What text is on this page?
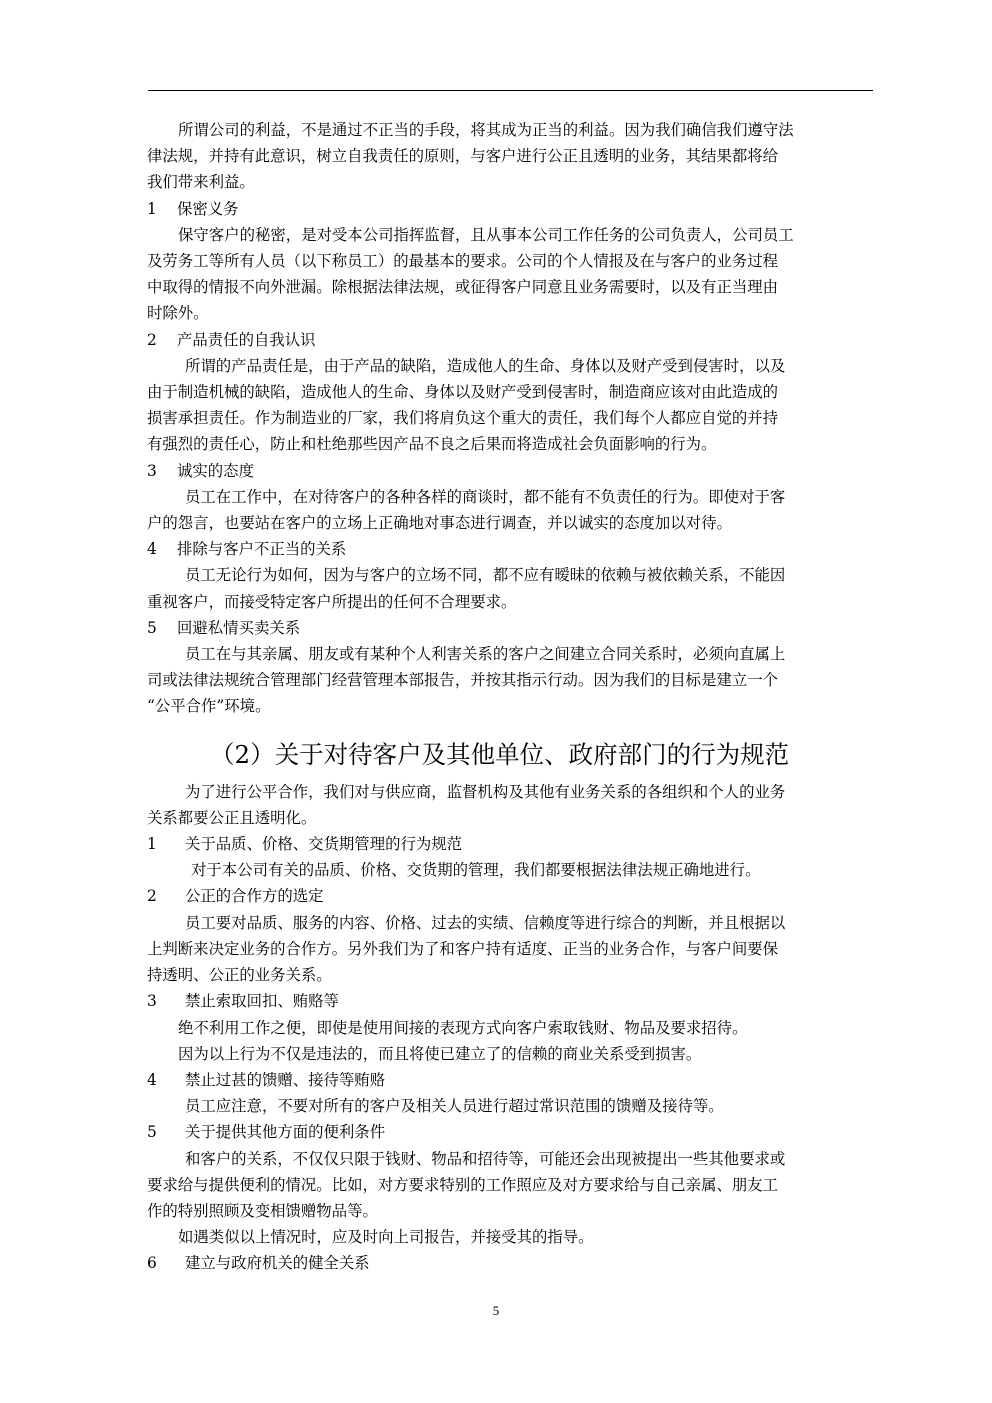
所谓公司的利益，不是通过不正当的手段，将其成为正当的利益。因为我们确信我们遵守法

律法规，并持有此意识，树立自我责任的原则，与客户进行公正且透明的业务，其结果都将给

我们带来利益。

1 保密义务

保守客户的秘密，是对受本公司指挥监督，且从事本公司工作任务的公司负责人，公司员工

及劳务工等所有人员（以下称员工）的最基本的要求。公司的个人情报及在与客户的业务过程

中取得的情报不向外泄漏。除根据法律法规，或征得客户同意且业务需要时，以及有正当理由

时除外。

2 产品责任的自我认识

所谓的产品责任是，由于产品的缺陷，造成他人的生命、身体以及财产受到侵害时，以及

由于制造机械的缺陷，造成他人的生命、身体以及财产受到侵害时，制造商应该对由此造成的

损害承担责任。作为制造业的厂家，我们将肩负这个重大的责任，我们每个人都应自觉的并持

有强烈的责任心，防止和杜绝那些因产品不良之后果而将造成社会负面影响的行为。

3 诚实的态度

员工在工作中，在对待客户的各种各样的商谈时，都不能有不负责任的行为。即使对于客

户的怨言，也要站在客户的立场上正确地对事态进行调查，并以诚实的态度加以对待。

4 排除与客户不正当的关系

员工无论行为如何，因为与客户的立场不同，都不应有暧昧的依赖与被依赖关系，不能因

重视客户，而接受特定客户所提出的任何不合理要求。

5 回避私情买卖关系

员工在与其亲属、朋友或有某种个人利害关系的客户之间建立合同关系时，必须向直属上

司或法律法规统合管理部门经营管理本部报告，并按其指示行动。因为我们的目标是建立一个

“公平合作”环境。

（2）关于对待客户及其他单位、政府部门的行为规范

为了进行公平合作，我们对与供应商，监督机构及其他有业务关系的各组织和个人的业务

关系都要公正且透明化。

1 关于品质、价格、交货期管理的行为规范

对于本公司有关的品质、价格、交货期的管理，我们都要根据法律法规正确地进行。

2 公正的合作方的选定

员工要对品质、服务的内容、价格、过去的实绩、信赖度等进行综合的判断，并且根据以

上判断来决定业务的合作方。另外我们为了和客户持有适度、正当的业务合作，与客户间要保

持透明、公正的业务关系。

3 禁止索取回扣、贿赂等

绝不利用工作之便，即使是使用间接的表现方式向客户索取钱财、物品及要求招待。

因为以上行为不仅是违法的，而且将使已建立了的信赖的商业关系受到损害。

4 禁止过甚的馈赠、接待等贿赂

员工应注意，不要对所有的客户及相关人员进行超过常识范围的馈赠及接待等。

5 关于提供其他方面的便利条件

和客户的关系，不仅仅只限于钱财、物品和招待等，可能还会出现被提出一些其他要求或

要求给与提供便利的情况。比如，对方要求特别的工作照应及对方要求给与自己亲属、朋友工

作的特别照顾及变相馈赠物品等。

如遇类似以上情况时，应及时向上司报告，并接受其的指导。

6 建立与政府机关的健全关系

5
